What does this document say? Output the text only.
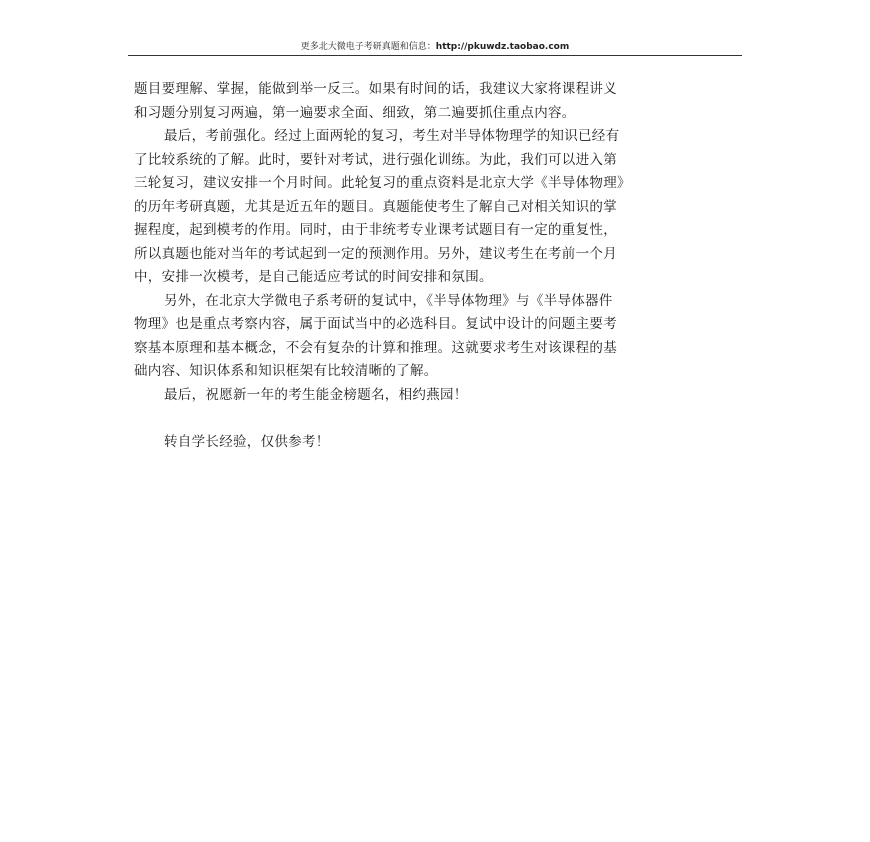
更多北大微电子考研真题和信息：http://pkuwdz.taobao.com
题目要理解、掌握，能做到举一反三。如果有时间的话，我建议大家将课程讲义
和习题分别复习两遍，第一遍要求全面、细致，第二遍要抓住重点内容。
最后，考前强化。经过上面两轮的复习，考生对半导体物理学的知识已经有
了比较系统的了解。此时，要针对考试，进行强化训练。为此，我们可以进入第
三轮复习，建议安排一个月时间。此轮复习的重点资料是北京大学《半导体物理》
的历年考研真题，尤其是近五年的题目。真题能使考生了解自己对相关知识的掌
握程度，起到模考的作用。同时，由于非统考专业课考试题目有一定的重复性，
所以真题也能对当年的考试起到一定的预测作用。另外，建议考生在考前一个月
中，安排一次模考，是自己能适应考试的时间安排和氛围。
另外，在北京大学微电子系考研的复试中，《半导体物理》与《半导体器件
物理》也是重点考察内容，属于面试当中的必选科目。复试中设计的问题主要考
察基本原理和基本概念，不会有复杂的计算和推理。这就要求考生对该课程的基
础内容、知识体系和知识框架有比较清晰的了解。
最后，祝愿新一年的考生能金榜题名，相约燕园！
转自学长经验，仅供参考！
